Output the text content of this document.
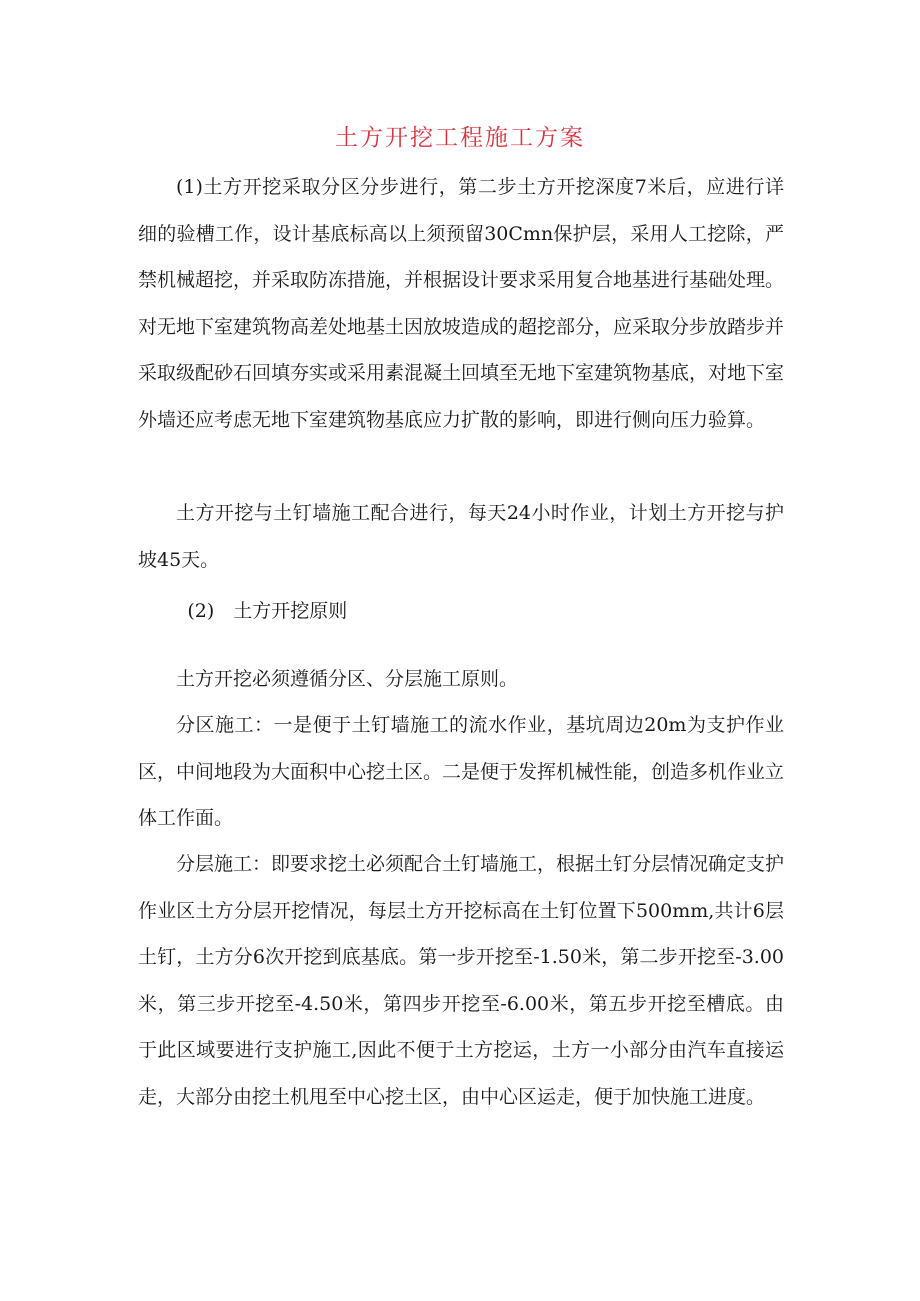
土方开挖工程施工方案

(1)土方开挖采取分区分步进行，第二步土方开挖深度7米后，应进行详细的验槽工作，设计基底标高以上须预留30Cmn保护层，采用人工挖除，严禁机械超挖，并采取防冻措施，并根据设计要求采用复合地基进行基础处理。对无地下室建筑物高差处地基土因放坡造成的超挖部分，应采取分步放踏步并采取级配砂石回填夯实或采用素混凝土回填至无地下室建筑物基底，对地下室外墙还应考虑无地下室建筑物基底应力扩散的影响，即进行侧向压力验算。

土方开挖与土钉墙施工配合进行，每天24小时作业，计划土方开挖与护坡45天。

(2)　土方开挖原则

土方开挖必须遵循分区、分层施工原则。

分区施工：一是便于土钉墙施工的流水作业，基坑周边20m为支护作业区，中间地段为大面积中心挖土区。二是便于发挥机械性能，创造多机作业立体工作面。

分层施工：即要求挖土必须配合土钉墙施工，根据土钉分层情况确定支护作业区土方分层开挖情况，每层土方开挖标高在土钉位置下500mm,共计6层土钉，土方分6次开挖到底基底。第一步开挖至-1.50米，第二步开挖至-3.00米，第三步开挖至-4.50米，第四步开挖至-6.00米，第五步开挖至槽底。由于此区域要进行支护施工,因此不便于土方挖运，土方一小部分由汽车直接运走，大部分由挖土机甩至中心挖土区，由中心区运走，便于加快施工进度。
